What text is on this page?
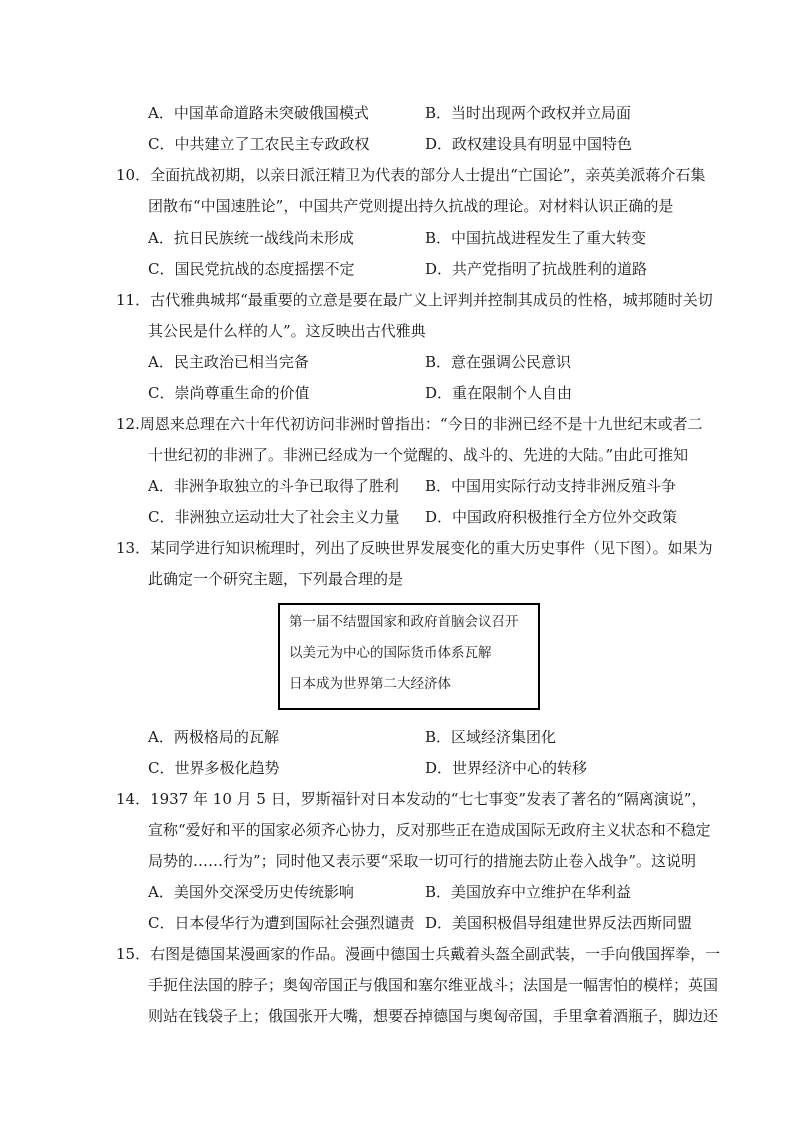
A．中国革命道路未突破俄国模式	B．当时出现两个政权并立局面
C．中共建立了工农民主专政政权	D．政权建设具有明显中国特色
10．全面抗战初期，以亲日派汪精卫为代表的部分人士提出“亡国论”，亲英美派蒋介石集
团散布“中国速胜论”，中国共产党则提出持久抗战的理论。对材料认识正确的是
A．抗日民族统一战线尚未形成	B．中国抗战进程发生了重大转变
C．国民党抗战的态度摇摆不定	D．共产党指明了抗战胜利的道路
11．古代雅典城邦“最重要的立意是要在最广义上评判并控制其成员的性格，城邦随时关切
其公民是什么样的人”。这反映出古代雅典
A．民主政治已相当完备	B．意在强调公民意识
C．崇尚尊重生命的价值	D．重在限制个人自由
12.周恩来总理在六十年代初访问非洲时曾指出：“今日的非洲已经不是十九世纪末或者二
十世纪初的非洲了。非洲已经成为一个觉醒的、战斗的、先进的大陆。”由此可推知
A．非洲争取独立的斗争已取得了胜利 B．中国用实际行动支持非洲反殖斗争
C．非洲独立运动壮大了社会主义力量 D．中国政府积极推行全方位外交政策
13．某同学进行知识梳理时，列出了反映世界发展变化的重大历史事件（见下图）。如果为
此确定一个研究主题，下列最合理的是
第一届不结盟国家和政府首脑会议召开
以美元为中心的国际货币体系瓦解
日本成为世界第二大经济体
A．两极格局的瓦解	B．区域经济集团化
C．世界多极化趋势	D．世界经济中心的转移
14．1937 年 10 月 5 日，罗斯福针对日本发动的“七七事变”发表了著名的“隔离演说”，
宣称“爱好和平的国家必须齐心协力，反对那些正在造成国际无政府主义状态和不稳定
局势的……行为”；同时他又表示要“采取一切可行的措施去防止卷入战争”。这说明
A．美国外交深受历史传统影响	B．美国放弃中立维护在华利益
C．日本侵华行为遭到国际社会强烈谴责 D．美国积极倡导组建世界反法西斯同盟
15．右图是德国某漫画家的作品。漫画中德国士兵戴着头盔全副武装，一手向俄国挥拳，一
手扼住法国的脖子；奥匈帝国正与俄国和塞尔维亚战斗；法国是一幅害怕的模样；英国
则站在钱袋子上；俄国张开大嘴，想要吞掉德国与奥匈帝国，手里拿着酒瓶子，脚边还
